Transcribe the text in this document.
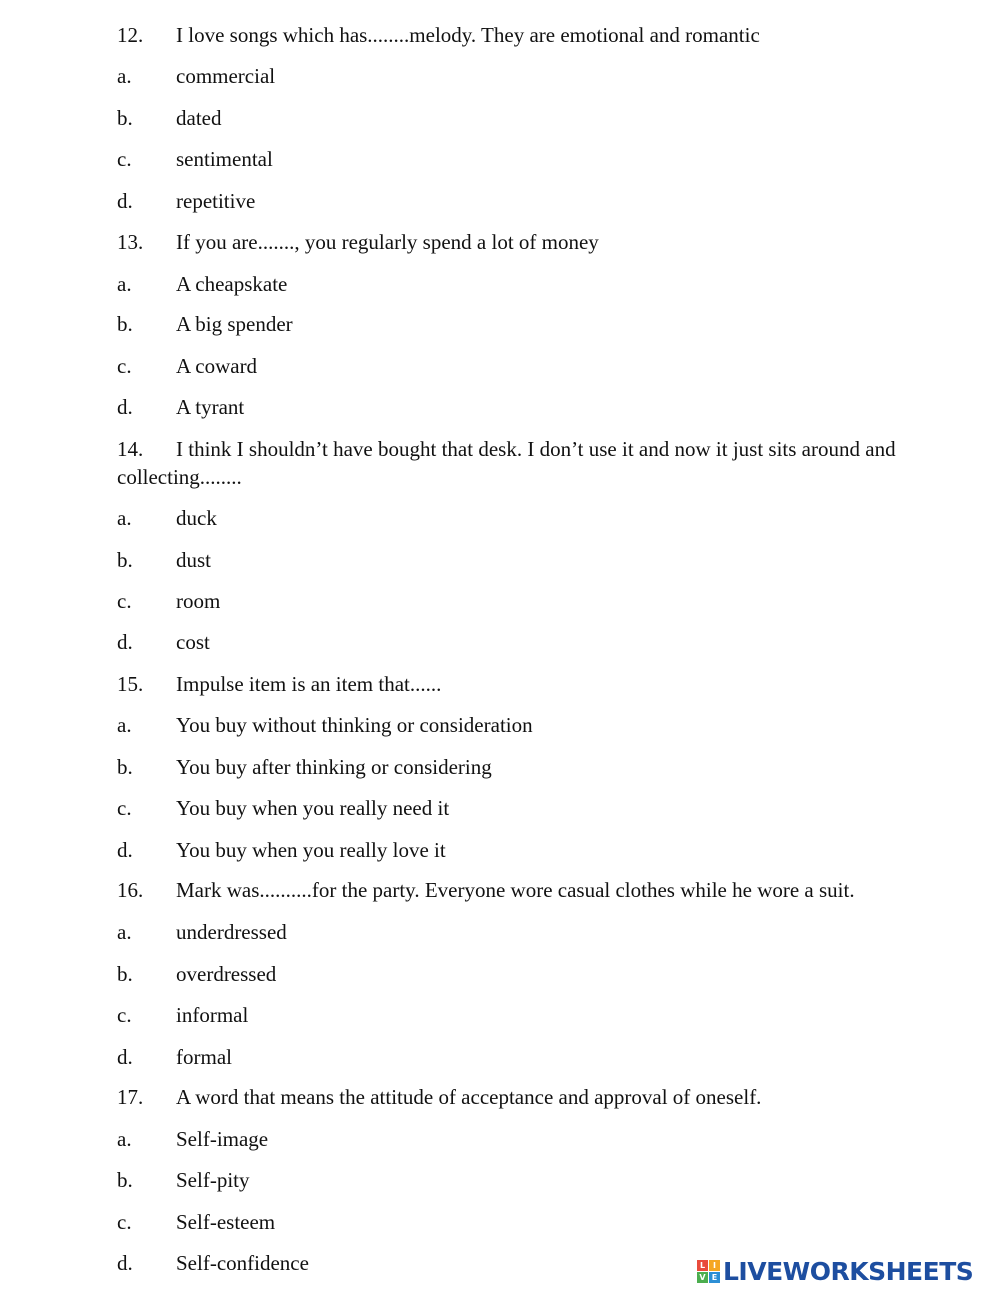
12. I love songs which has........melody. They are emotional and romantic
a. commercial
b. dated
c. sentimental
d. repetitive
13. If you are......., you regularly spend a lot of money
a. A cheapskate
b. A big spender
c. A coward
d. A tyrant
14. I think I shouldn’t have bought that desk. I don’t use it and now it just sits around and collecting........
a. duck
b. dust
c. room
d. cost
15. Impulse item is an item that......
a. You buy without thinking or consideration
b. You buy after thinking or considering
c. You buy when you really need it
d. You buy when you really love it
16. Mark was..........for the party. Everyone wore casual clothes while he wore a suit.
a. underdressed
b. overdressed
c. informal
d. formal
17. A word that means the attitude of acceptance and approval of oneself.
a. Self-image
b. Self-pity
c. Self-esteem
d. Self-confidence	L I
V E LIVEWORKSHEETS
